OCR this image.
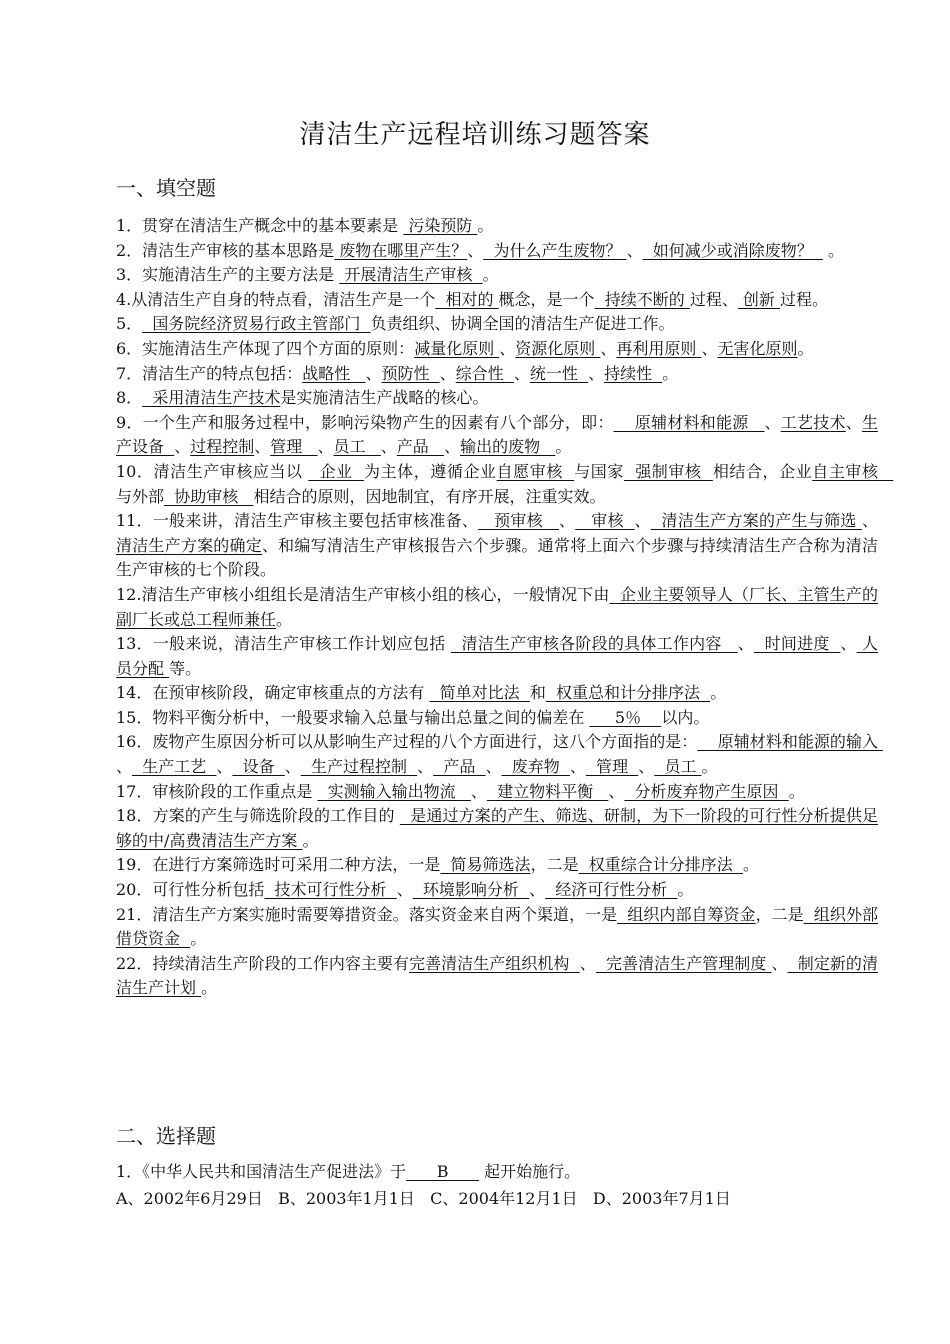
清洁生产远程培训练习题答案
一、填空题

1．贯穿在清洁生产概念中的基本要素是  污染预防 。

2．清洁生产审核的基本思路是 废物在哪里产生？、  为什么产生废物？ 、  如何减少或消除废物？   。

3．实施清洁生产的主要方法是  开展清洁生产审核  。

4.从清洁生产自身的特点看，清洁生产是一个  相对的 概念，是一个  持续不断的 过程、 创新 过程。

5．  国务院经济贸易行政主管部门  负责组织、协调全国的清洁生产促进工作。

6．实施清洁生产体现了四个方面的原则：减量化原则 、资源化原则 、再利用原则 、无害化原则。

7．清洁生产的特点包括：战略性   、预防性  、综合性  、统一性  、持续性  。

8．  采用清洁生产技术是实施清洁生产战略的核心。

9．一个生产和服务过程中，影响污染物产生的因素有八个部分，即：    原辅材料和能源   、工艺技术、生产设备  、过程控制、管理   、员工   、产品   、输出的废物   。

10．清洁生产审核应当以   企业  为主体，遵循企业自愿审核  与国家  强制审核  相结合，企业自主审核   与外部  协助审核   相结合的原则，因地制宜，有序开展，注重实效。

11．一般来讲，清洁生产审核主要包括审核准备、   预审核   、   审核  、  清洁生产方案的产生与筛选 、清洁生产方案的确定、和编写清洁生产审核报告六个步骤。通常将上面六个步骤与持续清洁生产合称为清洁生产审核的七个阶段。

12.清洁生产审核小组组长是清洁生产审核小组的核心，一般情况下由  企业主要领导人（厂长、主管生产的副厂长或总工程师兼任。

13．一般来说，清洁生产审核工作计划应包括   清洁生产审核各阶段的具体工作内容   、  时间进度  、 人员分配 等。

14．在预审核阶段，确定审核重点的方法有   简单对比法  和  权重总和计分排序法  。

15．物料平衡分析中，一般要求输入总量与输出总量之间的偏差在      5％    以内。

16．废物产生原因分析可以从影响生产过程的八个方面进行，这八个方面指的是：    原辅材料和能源的输入 、  生产工艺  、  设备  、  生产过程控制  、  产品  、  废弃物  、  管理  、  员工 。

17．审核阶段的工作重点是   实测输入输出物流   、  建立物料平衡   、  分析废弃物产生原因  。

18．方案的产生与筛选阶段的工作目的   是通过方案的产生、筛选、研制，为下一阶段的可行性分析提供足够的中/高费清洁生产方案 。

19．在进行方案筛选时可采用二种方法，一是  简易筛选法，二是  权重综合计分排序法  。

20．可行性分析包括  技术可行性分析  、  环境影响分析  、  经济可行性分析  。

21．清洁生产方案实施时需要筹措资金。落实资金来自两个渠道，一是  组织内部自筹资金，二是  组织外部借贷资金  。

22．持续清洁生产阶段的工作内容主要有完善清洁生产组织机构  、  完善清洁生产管理制度 、  制定新的清洁生产计划 。

二、选择题

1．《中华人民共和国清洁生产促进法》于      B       起开始施行。

A、2002年6月29日   B、2003年1月1日   C、2004年12月1日   D、2003年7月1日
